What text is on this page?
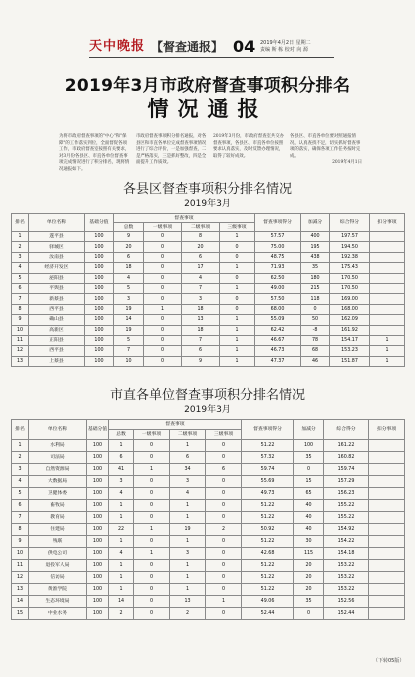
天中晚报 【督查通报】 04 2019年4月2日 星期二
责编 斯 栋 校对 向 源
2019年3月市政府督查事项积分排名
情况通报

为将市政府督查事项的"中心"和"保障"的工作落实到位，全面督促各项工作，市政府督查室按照有关要求，对3月份各县区、市直各单位督查事项完成情况进行了积分排名，现将情况通报如下。

市政府督查事项积分排名通报，对各县区和市直各单位完成督查事项情况进行了综合评价，一是加强督查，二是严格落实，三是抓好整改，四是全面提升工作质效。

2019年3月份，市政府督查室共交办督查事项，各县区、市直各单位按照要求认真落实，及时反馈办理情况，取得了较好成效。

各县区、市直各单位要对照通报情况，认真查找不足，切实抓好督查事项的落实，确保各项工作任务按时完成。

2019年4月1日

各县区督查事项积分排名情况
2019年3月
排名	单位名称	基础分值	督查事项				督查事项得分	加减分	综合得分	扣分事项
			总数	一级事项	二级事项	三级事项				
1	遂平县	100	9	0	8	1	57.57	400	197.57	
2	驿城区	100	20	0	20	0	75.00	195	194.50	
3	汝南县	100	6	0	6	0	48.75	438	192.38	
4	经济开发区	100	18	0	17	1	71.93	35	175.43	
5	泌阳县	100	4	0	4	0	62.50	180	170.50	
6	平舆县	100	5	0	7	1	49.00	215	170.50	
7	新蔡县	100	3	0	3	0	57.50	118	169.00	
8	西平县	100	19	1	18	0	68.00	0	168.00	
9	确山县	100	14	0	13	1	55.09	50	162.09	
10	高新区	100	19	0	18	1	62.42	-8	161.92	
11	正阳县	100	5	0	7	1	46.67	78	154.17	1
12	西平县	100	7	0	6	1	46.73	68	153.23	1
13	上蔡县	100	10	0	9	1	47.37	46	151.87	1
市直各单位督查事项积分排名情况
2019年3月
排名	单位名称	基础分值	督查事项				督查事项得分	加减分	综合得分	扣分事项
			总数	一级事项	二级事项	三级事项				
1	水利局	100	1	0	1	0	51.22	100	161.22	
2	司法局	100	6	0	6	0	57.32	35	160.82	
3	自然资源局	100	41	1	34	6	59.74	0	159.74	
4	大数据局	100	3	0	3	0	55.69	15	157.29	
5	卫健体委	100	4	0	4	0	49.73	65	156.23	
6	畜牧局	100	1	0	1	0	51.22	40	155.22	
7	教育局	100	1	0	1	0	51.22	40	155.22	
8	住建局	100	22	1	19	2	50.92	40	154.92	
9	残联	100	1	0	1	0	51.22	30	154.22	
10	供电公司	100	4	1	3	0	42.68	115	154.18	
11	退役军人局	100	1	0	1	0	51.22	20	153.22	
12	信访局	100	1	0	1	0	51.22	20	153.22	
13	黄淮学院	100	1	0	1	0	51.22	20	153.22	
14	生态环境局	100	14	0	13	1	49.06	35	152.56	
15	中业水务	100	2	0	2	0	52.44	0	152.44	
（下转05版）
